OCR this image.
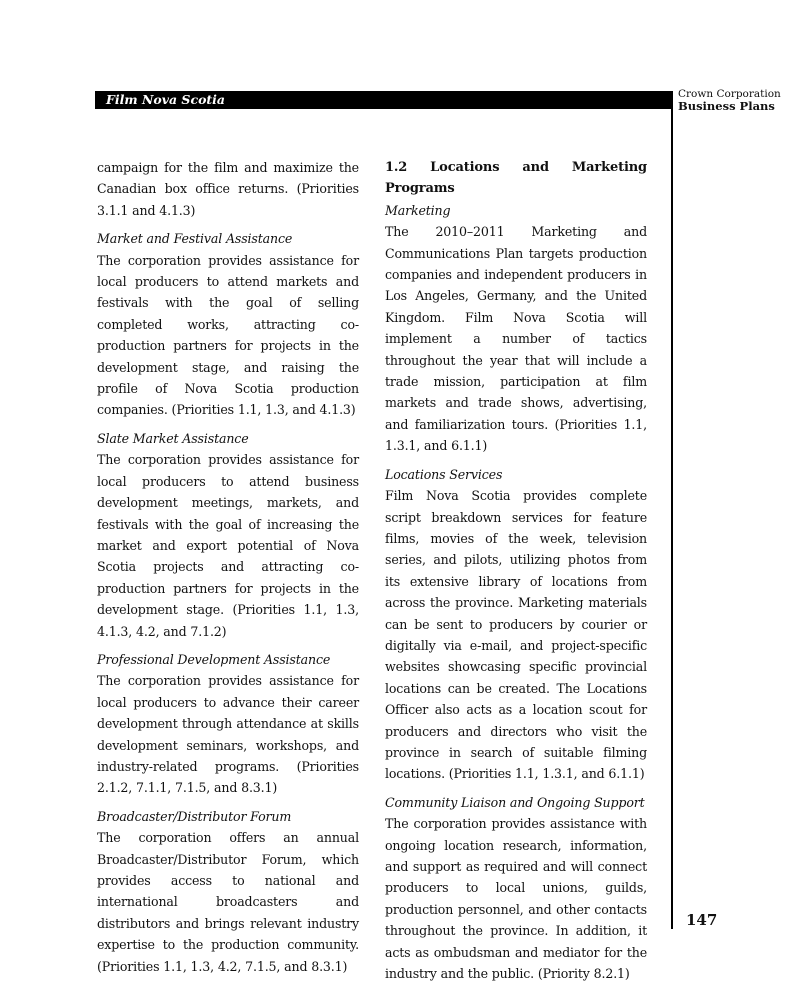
Film Nova Scotia	Crown Corporation
Business Plans

campaign for the film and maximize the Canadian box office returns. (Priorities 3.1.1 and 4.1.3)

Market and Festival Assistance

The corporation provides assistance for local producers to attend markets and festivals with the goal of selling completed works, attracting co-production partners for projects in the development stage, and raising the profile of Nova Scotia production companies. (Priorities 1.1, 1.3, and 4.1.3)

Slate Market Assistance

The corporation provides assistance for local producers to attend business development meetings, markets, and festivals with the goal of increasing the market and export potential of Nova Scotia projects and attracting co-production partners for projects in the development stage. (Priorities 1.1, 1.3, 4.1.3, 4.2, and 7.1.2)

Professional Development Assistance

The corporation provides assistance for local producers to advance their career development through attendance at skills development seminars, workshops, and industry-related programs. (Priorities 2.1.2, 7.1.1, 7.1.5, and 8.3.1)

Broadcaster/Distributor Forum

The corporation offers an annual Broadcaster/Distributor Forum, which provides access to national and international broadcasters and distributors and brings relevant industry expertise to the production community. (Priorities 1.1, 1.3, 4.2, 7.1.5, and 8.3.1)

1.2 Locations and Marketing Programs

Marketing

The 2010–2011 Marketing and Communications Plan targets production companies and independent producers in Los Angeles, Germany, and the United Kingdom. Film Nova Scotia will implement a number of tactics throughout the year that will include a trade mission, participation at film markets and trade shows, advertising, and familiarization tours. (Priorities 1.1, 1.3.1, and 6.1.1)

Locations Services

Film Nova Scotia provides complete script breakdown services for feature films, movies of the week, television series, and pilots, utilizing photos from its extensive library of locations from across the province. Marketing materials can be sent to producers by courier or digitally via e-mail, and project-specific websites showcasing specific provincial locations can be created. The Locations Officer also acts as a location scout for producers and directors who visit the province in search of suitable filming locations. (Priorities 1.1, 1.3.1, and 6.1.1)

Community Liaison and Ongoing Support

The corporation provides assistance with ongoing location research, information, and support as required and will connect producers to local unions, guilds, production personnel, and other contacts throughout the province. In addition, it acts as ombudsman and mediator for the industry and the public. (Priority 8.2.1)

147
